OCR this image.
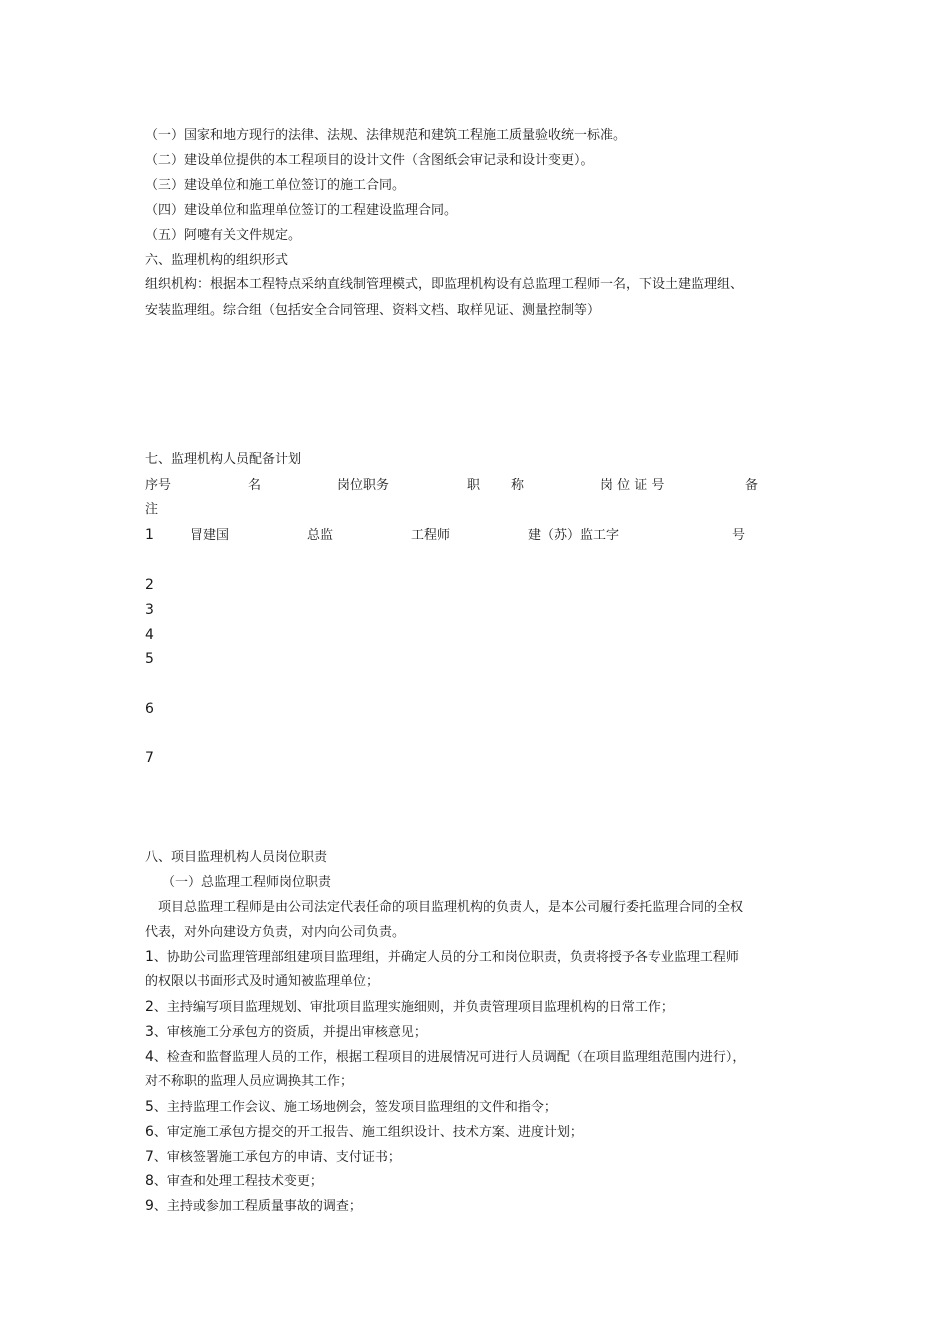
（一）国家和地方现行的法律、法规、法律规范和建筑工程施工质量验收统一标准。
（二）建设单位提供的本工程项目的设计文件（含图纸会审记录和设计变更）。
（三）建设单位和施工单位签订的施工合同。
（四）建设单位和监理单位签订的工程建设监理合同。
（五）阿嚏有关文件规定。
六、监理机构的组织形式
组织机构：根据本工程特点采纳直线制管理模式，即监理机构设有总监理工程师一名，下设土建监理组、
安装监理组。综合组（包括安全合同管理、资料文档、取样见证、测量控制等）
七、监理机构人员配备计划
序号	名	岗位职务	职 称	岗 位 证 号	备
注
1	冒建国	总监	工程师	建（苏）监工字	号
2
3
4
5
6
7
八、项目监理机构人员岗位职责
（一）总监理工程师岗位职责
项目总监理工程师是由公司法定代表任命的项目监理机构的负责人，是本公司履行委托监理合同的全权
代表，对外向建设方负责，对内向公司负责。
1、协助公司监理管理部组建项目监理组，并确定人员的分工和岗位职责，负责将授予各专业监理工程师
的权限以书面形式及时通知被监理单位；
2、主持编写项目监理规划、审批项目监理实施细则，并负责管理项目监理机构的日常工作；
3、审核施工分承包方的资质，并提出审核意见；
4、检查和监督监理人员的工作，根据工程项目的进展情况可进行人员调配（在项目监理组范围内进行），
对不称职的监理人员应调换其工作；
5、主持监理工作会议、施工场地例会，签发项目监理组的文件和指令；
6、审定施工承包方提交的开工报告、施工组织设计、技术方案、进度计划；
7、审核签署施工承包方的申请、支付证书；
8、审查和处理工程技术变更；
9、主持或参加工程质量事故的调查；
